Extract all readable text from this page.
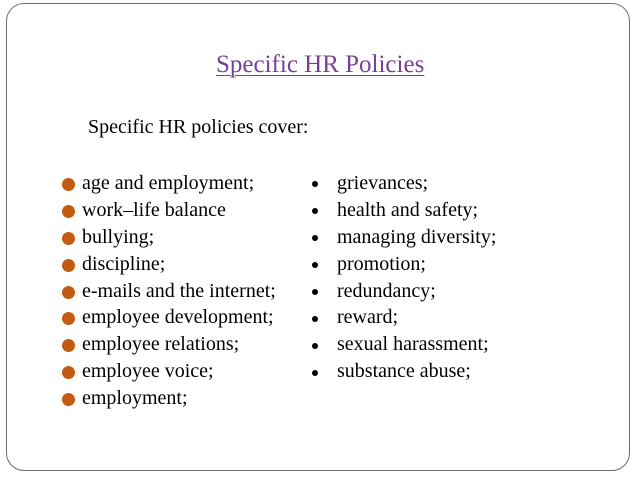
Specific HR Policies
Specific HR policies cover:
age and employment;
work–life balance
bullying;
discipline;
e-mails and the internet;
employee development;
employee relations;
employee voice;
employment;
grievances;
health and safety;
managing diversity;
promotion;
redundancy;
reward;
sexual harassment;
substance abuse;
